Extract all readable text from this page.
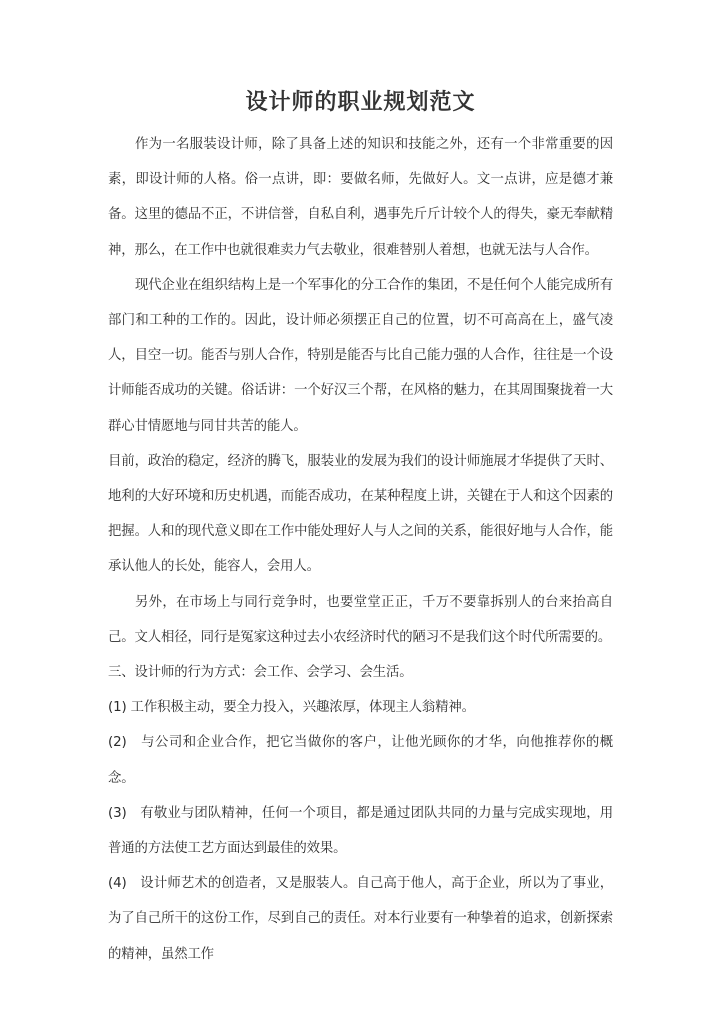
设计师的职业规划范文

作为一名服装设计师，除了具备上述的知识和技能之外，还有一个非常重要的因素，即设计师的人格。俗一点讲，即：要做名师，先做好人。文一点讲，应是德才兼备。这里的德品不正，不讲信誉，自私自利，遇事先斤斤计较个人的得失，豪无奉献精神，那么，在工作中也就很难卖力气去敬业，很难替别人着想，也就无法与人合作。

现代企业在组织结构上是一个军事化的分工合作的集团，不是任何个人能完成所有部门和工种的工作的。因此，设计师必须摆正自己的位置，切不可高高在上，盛气凌人，目空一切。能否与别人合作，特别是能否与比自己能力强的人合作，往往是一个设计师能否成功的关键。俗话讲：一个好汉三个帮，在风格的魅力，在其周围聚拢着一大群心甘情愿地与同甘共苦的能人。

目前，政治的稳定，经济的腾飞，服装业的发展为我们的设计师施展才华提供了天时、地利的大好环境和历史机遇，而能否成功，在某种程度上讲，关键在于人和这个因素的把握。人和的现代意义即在工作中能处理好人与人之间的关系，能很好地与人合作，能承认他人的长处，能容人，会用人。

另外，在市场上与同行竞争时，也要堂堂正正，千万不要靠拆别人的台来抬高自己。文人相径，同行是冤家这种过去小农经济时代的陋习不是我们这个时代所需要的。

三、设计师的行为方式：会工作、会学习、会生活。

(1) 工作积极主动，要全力投入，兴趣浓厚，体现主人翁精神。

(2)　与公司和企业合作，把它当做你的客户，让他光顾你的才华，向他推荐你的概念。

(3)　有敬业与团队精神，任何一个项目，都是通过团队共同的力量与完成实现地，用普通的方法使工艺方面达到最佳的效果。

(4)　设计师艺术的创造者，又是服装人。自己高于他人，高于企业，所以为了事业，为了自己所干的这份工作，尽到自己的责任。对本行业要有一种挚着的追求，创新探索的精神，虽然工作
